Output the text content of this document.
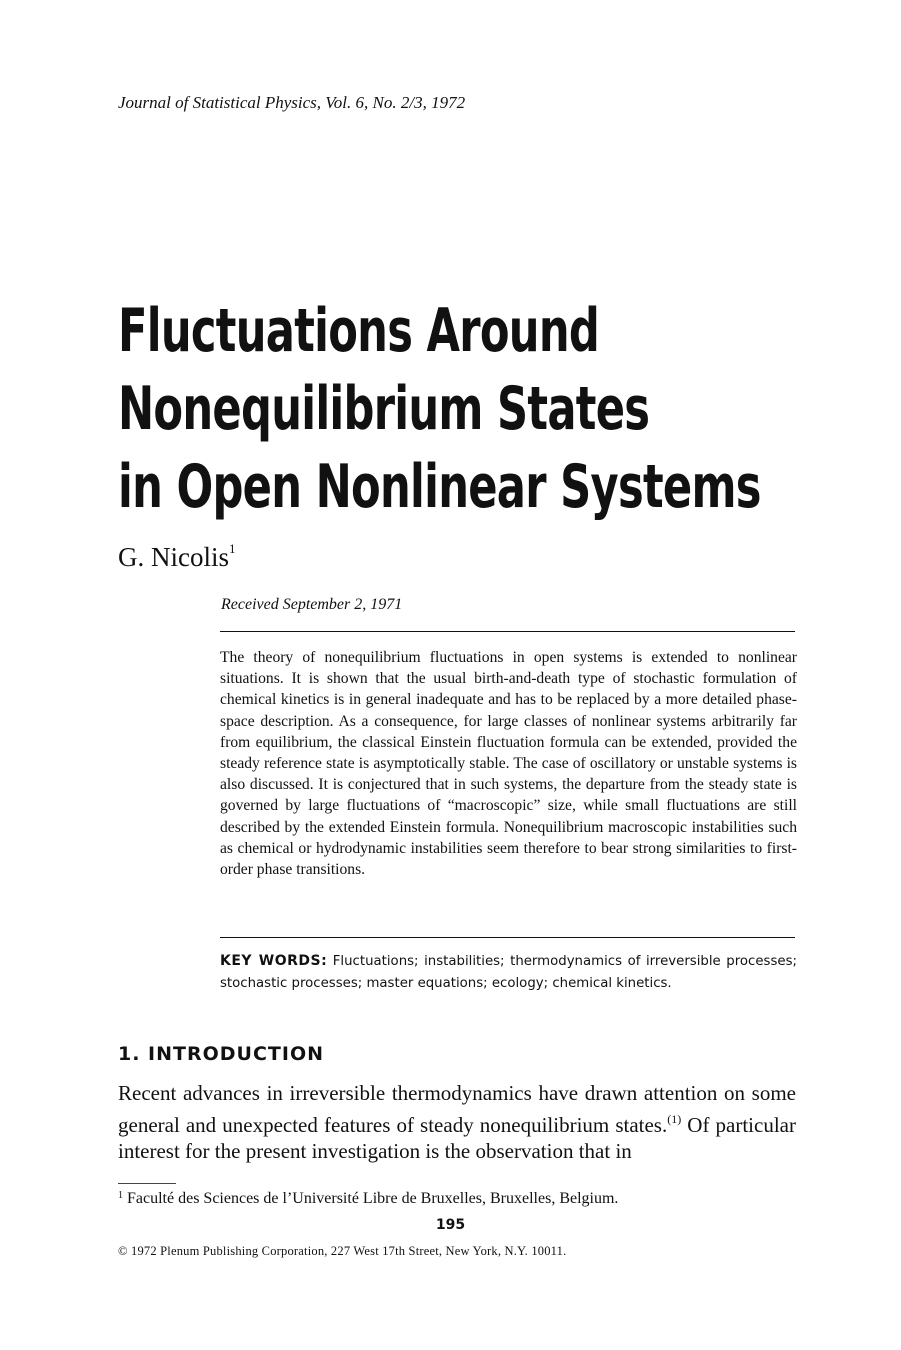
Journal of Statistical Physics, Vol. 6, No. 2/3, 1972
Fluctuations Around
Nonequilibrium States
in Open Nonlinear Systems
G. Nicolis$^1$
Received September 2, 1971
The theory of nonequilibrium fluctuations in open systems is extended to nonlinear situations. It is shown that the usual birth-and-death type of stochastic formulation of chemical kinetics is in general inadequate and has to be replaced by a more detailed phase-space description. As a consequence, for large classes of nonlinear systems arbitrarily far from equilibrium, the classical Einstein fluctuation formula can be extended, provided the steady reference state is asymptotically stable. The case of oscillatory or unstable systems is also discussed. It is conjectured that in such systems, the departure from the steady state is governed by large fluctuations of “macroscopic” size, while small fluctuations are still described by the extended Einstein formula. Nonequilibrium macroscopic instabilities such as chemical or hydrodynamic instabilities seem therefore to bear strong similarities to first-order phase transitions.
KEY WORDS: Fluctuations; instabilities; thermodynamics of irreversible processes; stochastic processes; master equations; ecology; chemical kinetics.
1. INTRODUCTION
Recent advances in irreversible thermodynamics have drawn attention on some general and unexpected features of steady nonequilibrium states.$^{(1)}$ Of particular interest for the present investigation is the observation that in
$^1$ Faculté des Sciences de l’Université Libre de Bruxelles, Bruxelles, Belgium.
195
© 1972 Plenum Publishing Corporation, 227 West 17th Street, New York, N.Y. 10011.
